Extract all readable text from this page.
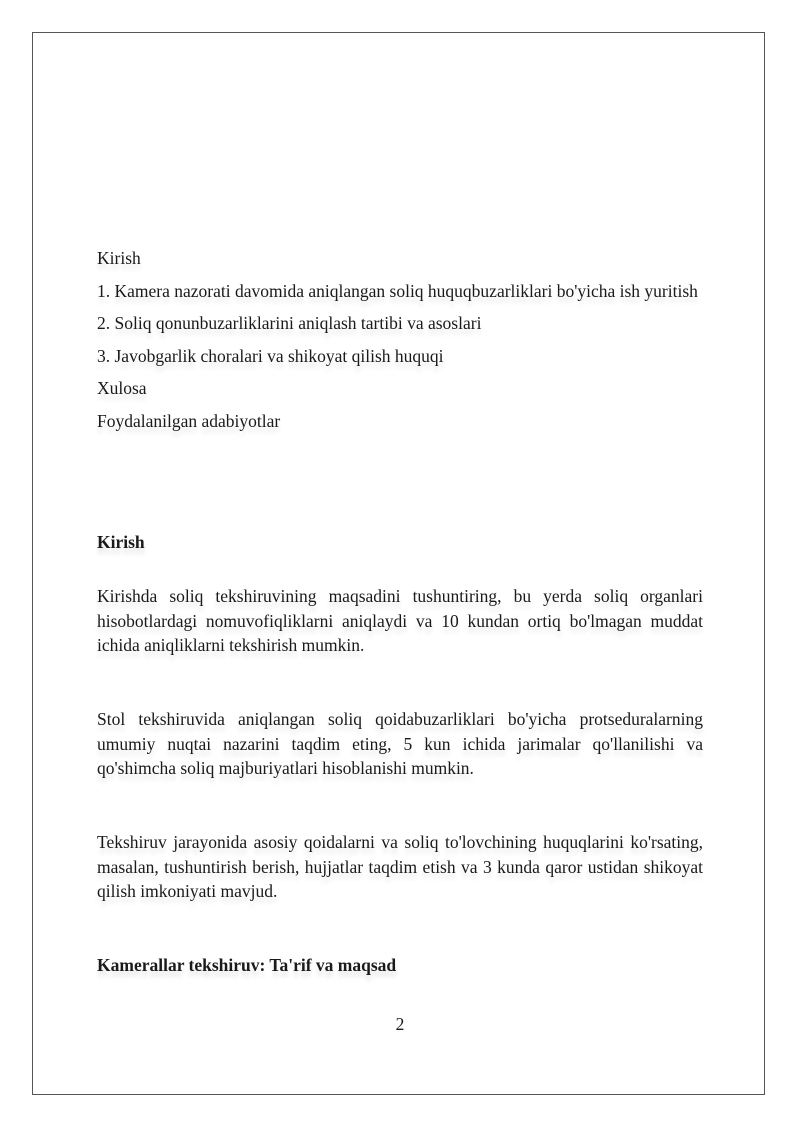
Kirish

1. Kamera nazorati davomida aniqlangan soliq huquqbuzarliklari bo'yicha ish yuritish

2. Soliq qonunbuzarliklarini aniqlash tartibi va asoslari

3. Javobgarlik choralari va shikoyat qilish huquqi

Xulosa

Foydalanilgan adabiyotlar

Kirish

Kirishda soliq tekshiruvining maqsadini tushuntiring, bu yerda soliq organlari hisobotlardagi nomuvofiqliklarni aniqlaydi va 10 kundan ortiq bo'lmagan muddat ichida aniqliklarni tekshirish mumkin.

Stol tekshiruvida aniqlangan soliq qoidabuzarliklari bo'yicha protseduralarning umumiy nuqtai nazarini taqdim eting, 5 kun ichida jarimalar qo'llanilishi va qo'shimcha soliq majburiyatlari hisoblanishi mumkin.

Tekshiruv jarayonida asosiy qoidalarni va soliq to'lovchining huquqlarini ko'rsating, masalan, tushuntirish berish, hujjatlar taqdim etish va 3 kunda qaror ustidan shikoyat qilish imkoniyati mavjud.

Kamerallar tekshiruv: Ta'rif va maqsad
2
